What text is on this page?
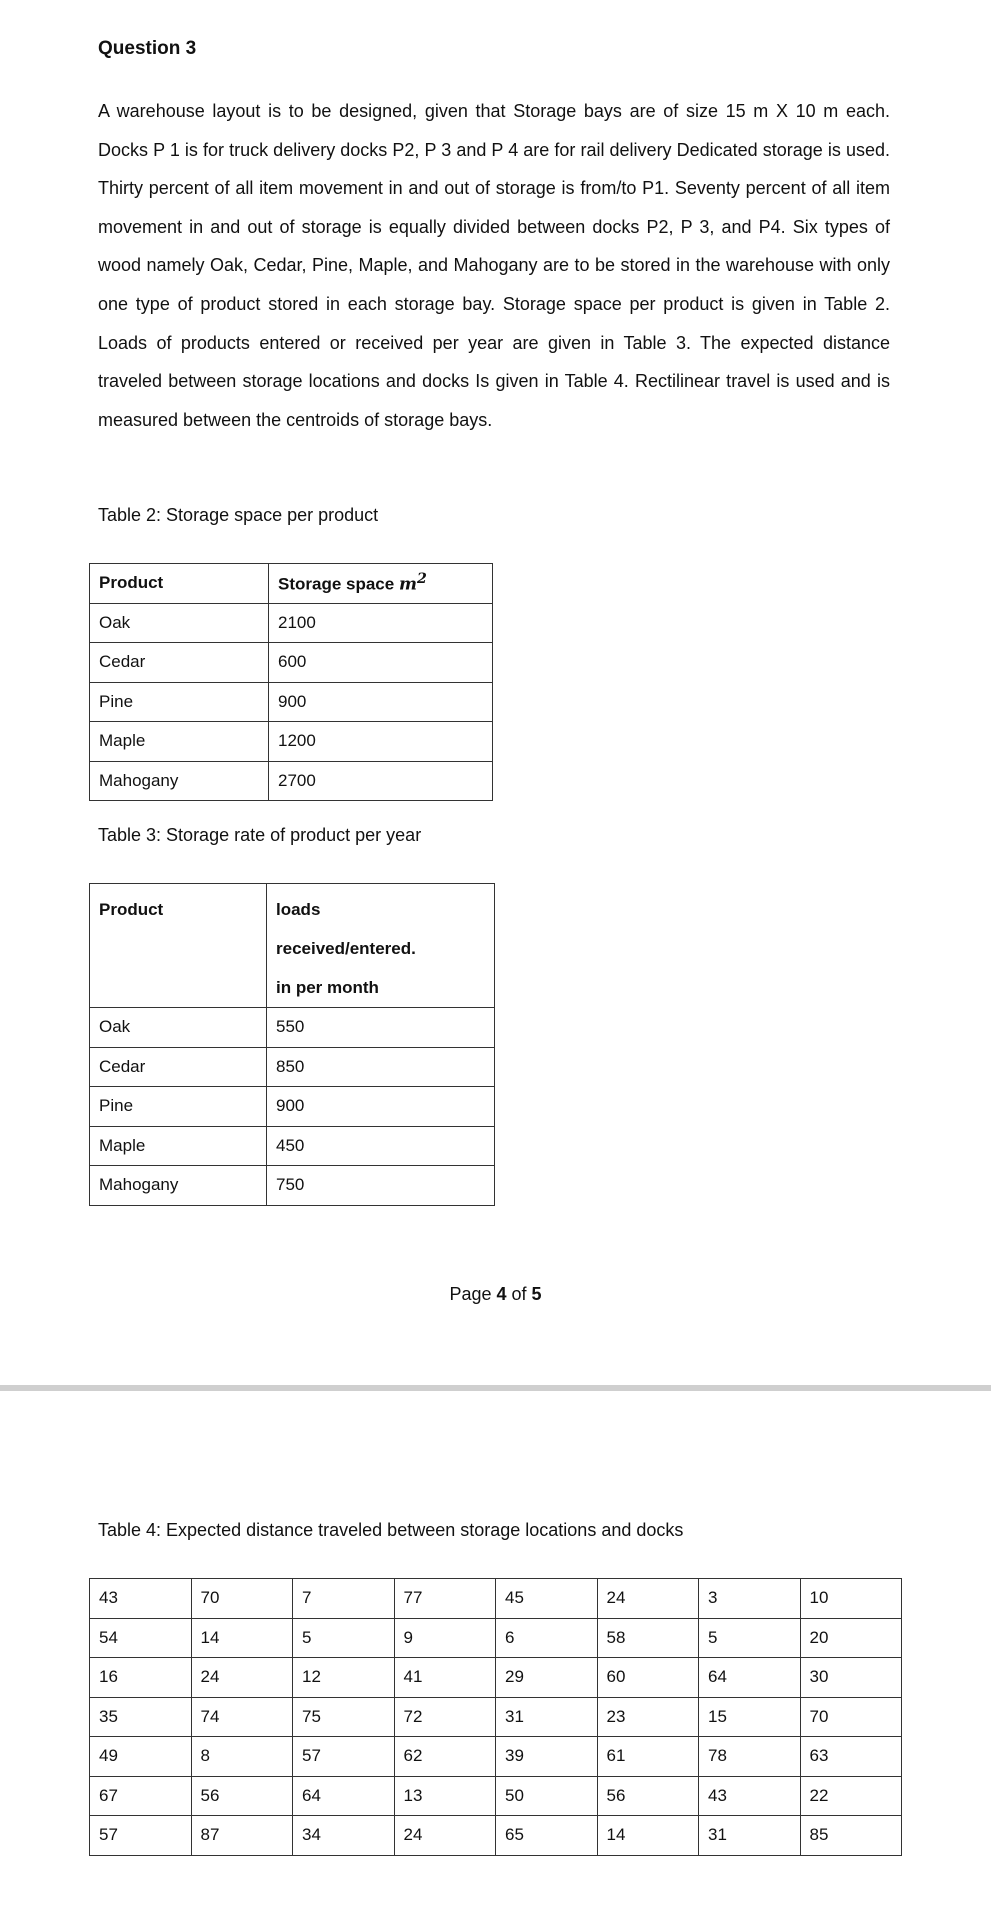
Question 3

A warehouse layout is to be designed, given that Storage bays are of size 15 m X 10 m each. Docks P 1 is for truck delivery docks P2, P 3 and P 4 are for rail delivery Dedicated storage is used. Thirty percent of all item movement in and out of storage is from/to P1. Seventy percent of all item movement in and out of storage is equally divided between docks P2, P 3, and P4. Six types of wood namely Oak, Cedar, Pine, Maple, and Mahogany are to be stored in the warehouse with only one type of product stored in each storage bay. Storage space per product is given in Table 2. Loads of products entered or received per year are given in Table 3. The expected distance traveled between storage locations and docks Is given in Table 4. Rectilinear travel is used and is measured between the centroids of storage bays.

Table 2: Storage space per product
Product	Storage space $m^2$
Oak	2100
Cedar	600
Pine	900
Maple	1200
Mahogany	2700
Table 3: Storage rate of product per year
Product	loads
received/entered.
in per month
Oak	550
Cedar	850
Pine	900
Maple	450
Mahogany	750
Page 4 of 5
Table 4: Expected distance traveled between storage locations and docks
43	70	7	77	45	24	3	10
54	14	5	9	6	58	5	20
16	24	12	41	29	60	64	30
35	74	75	72	31	23	15	70
49	8	57	62	39	61	78	63
67	56	64	13	50	56	43	22
57	87	34	24	65	14	31	85
